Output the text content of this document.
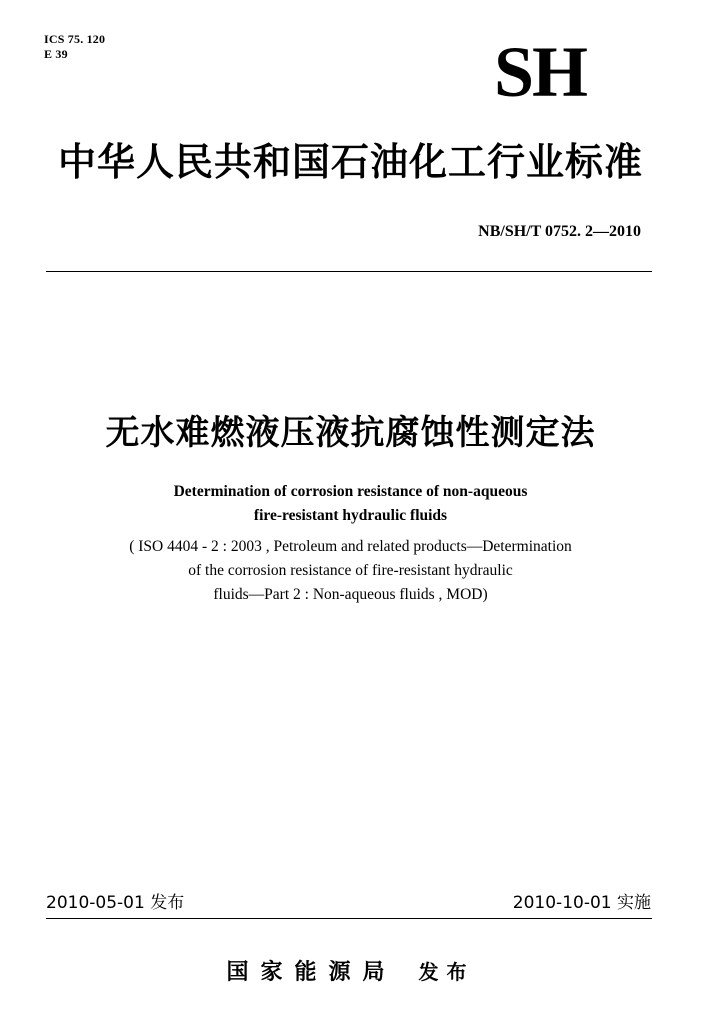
ICS 75. 120
E 39	SH
中华人民共和国石油化工行业标准
NB/SH/T 0752. 2—2010
无水难燃液压液抗腐蚀性测定法
Determination of corrosion resistance of non-aqueous
fire-resistant hydraulic fluids
( ISO 4404 - 2 : 2003 , Petroleum and related products—Determination
of the corrosion resistance of fire-resistant hydraulic
fluids—Part 2 : Non-aqueous fluids , MOD)
2010-05-01 发布	2010-10-01 实施
国家能源局 发布
